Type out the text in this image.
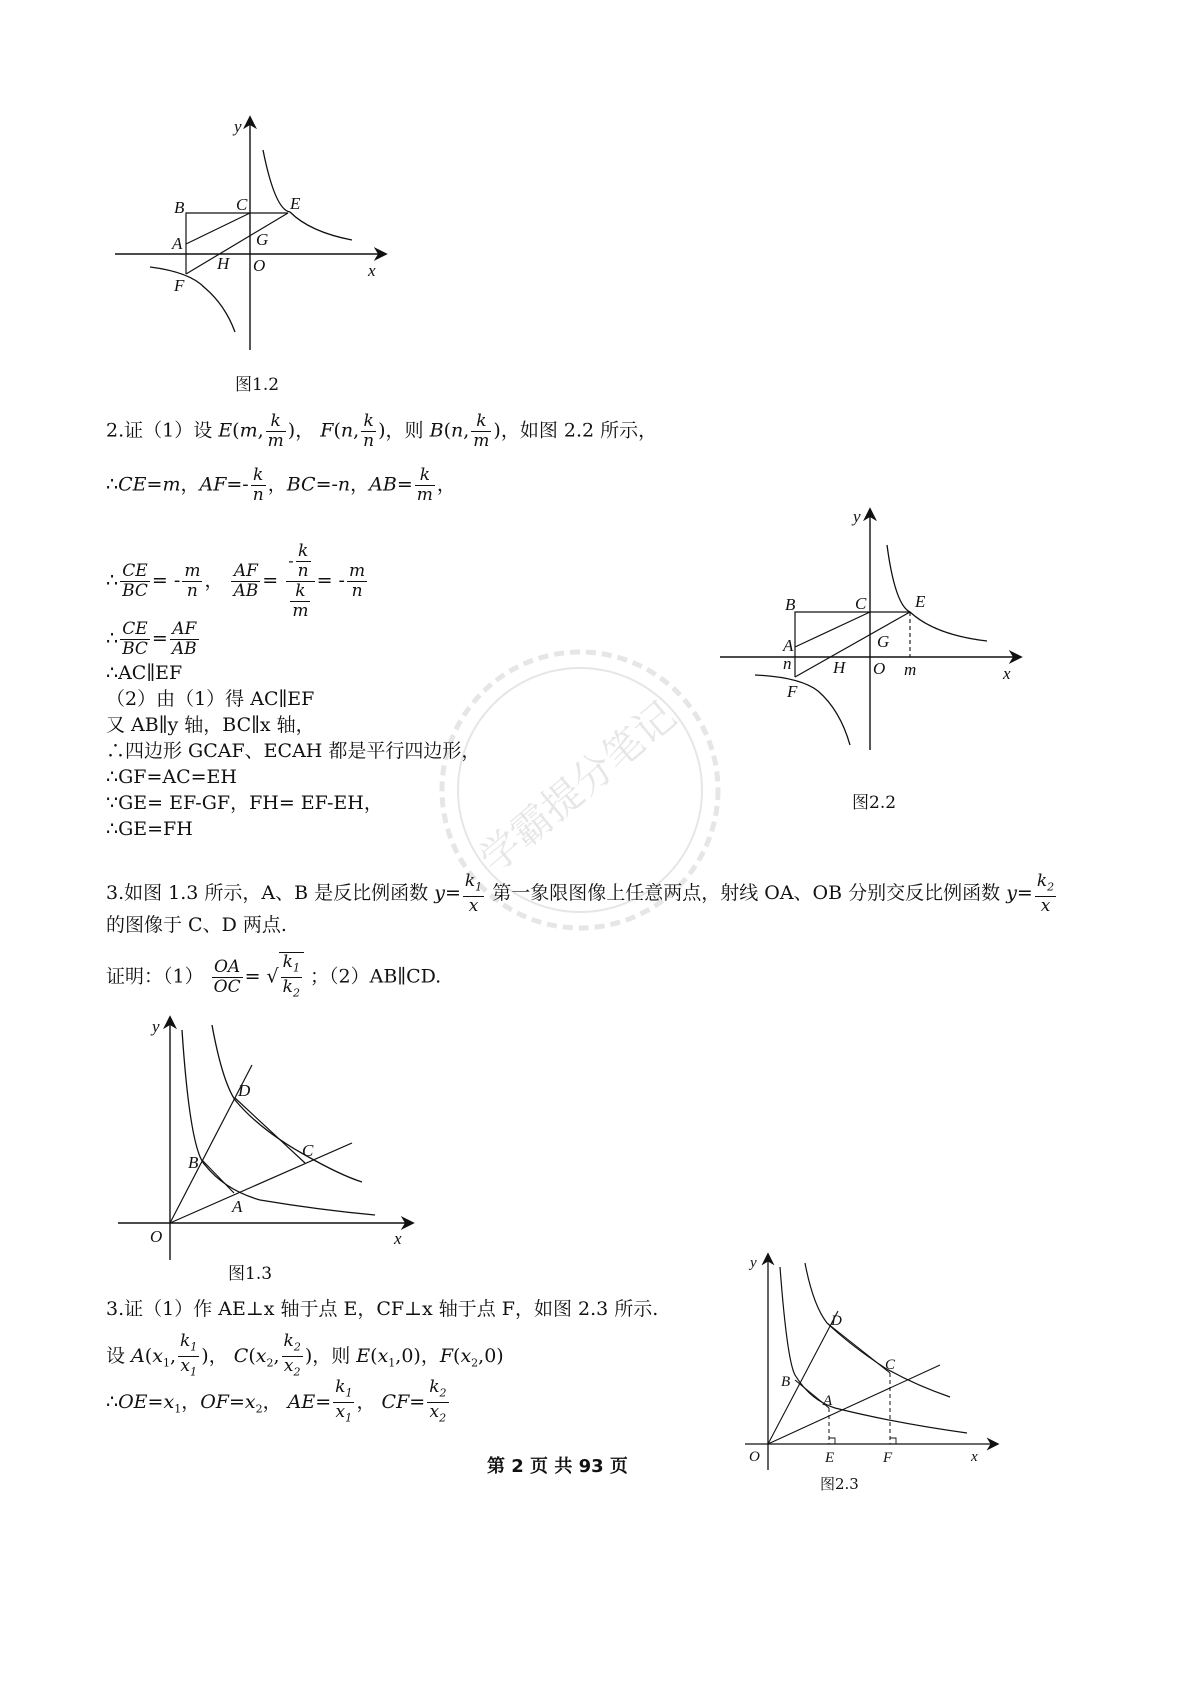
y
x
B	C	E
A	G
H O
F
图1.2
2.证（1）设 E(m, $\frac{k}{m}$ )， F(n, $\frac{k}{n}$ )，则 B(n, $\frac{k}{m}$ )，如图 2.2 所示，
∴CE=m，$AF=- \frac{k}{n}$ ，BC=-n，$AB= \frac{k}{m}$ ，
∴ $\frac{CE}{BC}$ = - $\frac{m}{n}$ ， $\frac{AF}{AB} = \frac{- \frac{k}{n}}{\frac{k}{m}}$ = - $\frac{m}{n}$
∴ $\frac{CE}{BC} = \frac{AF}{AB}$
∴AC∥EF
（2）由（1）得 AC∥EF
又 AB∥y 轴，BC∥x 轴，
∴四边形 GCAF、ECAH 都是平行四边形，
∴GF=AC=EH
∵GE= EF-GF，FH= EF-EH，
∴GE=FH
y
x
B	C	E
A
n
G
H O m
F
图2.2
3.如图 1.3 所示，A、B 是反比例函数 $y= \frac{k_1}{x}$ 第一象限图像上任意两点，射线 OA、OB 分别交反比例函数 $y= \frac{k_2}{x}$
的图像于 C、D 两点.
证明：$(1) \frac{OA}{OC}$ = √ $\frac{k_1}{k_2}$ ；（2）AB∥CD.
y
x
D
C
B
A
O
图1.3
3.证（1）作 AE⊥x 轴于点 E，CF⊥x 轴于点 F，如图 2.3 所示.
设 $A(x_1$, $\frac{k_1}{x_1}$ )， $C(x_2$, $\frac{k_2}{x_2}$ )，则 $E(x_1,0)$，$F(x_2,0)$
$\therefore OE=x_1$，$OF=x_2$， $AE= \frac{k_1}{x_1}$ ， $CF= \frac{k_2}{x_2}$
y
x
D
C
B
A
O	E	F
图2.3
第 2 页 共 93 页
学霸提分笔记
